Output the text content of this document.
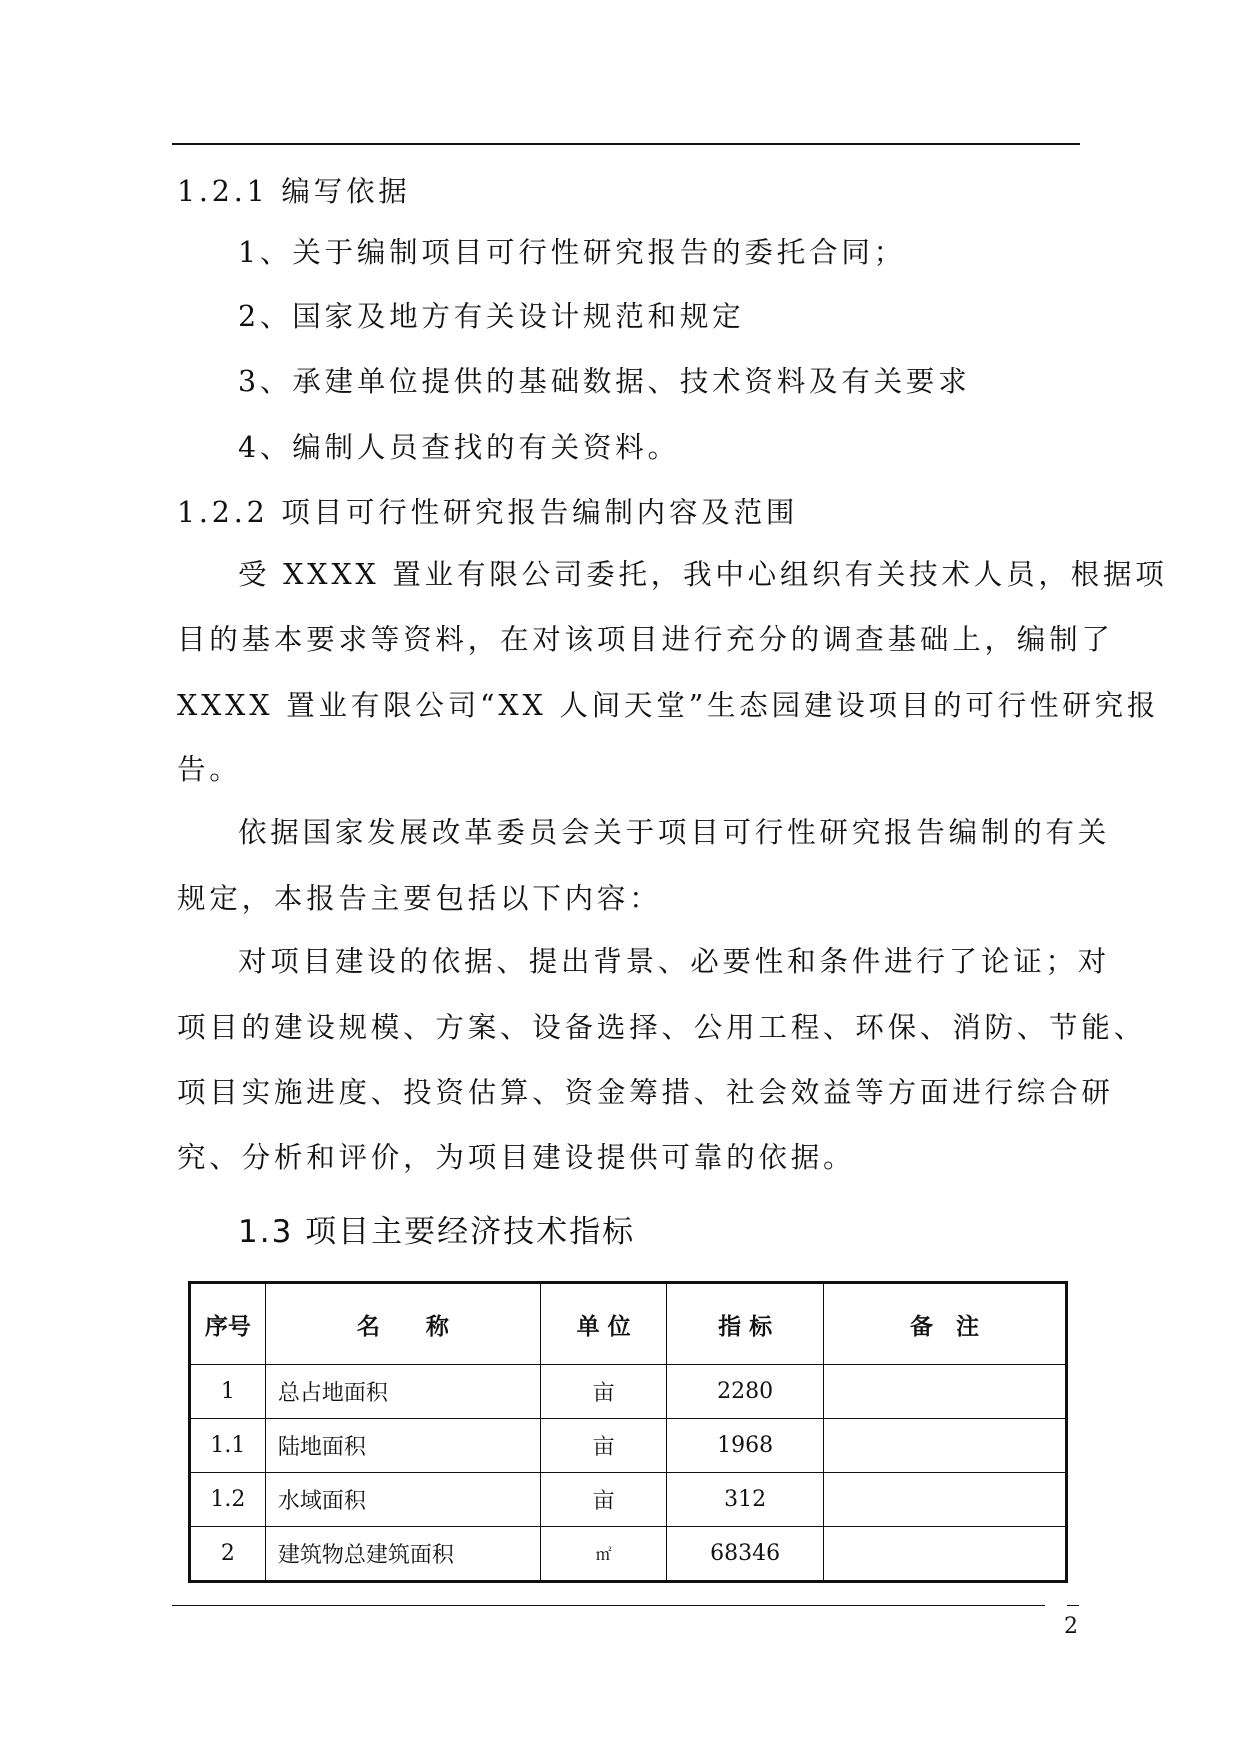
1.2.1 编写依据
1、关于编制项目可行性研究报告的委托合同；
2、国家及地方有关设计规范和规定
3、承建单位提供的基础数据、技术资料及有关要求
4、编制人员查找的有关资料。
1.2.2 项目可行性研究报告编制内容及范围
受 XXXX 置业有限公司委托，我中心组织有关技术人员，根据项
目的基本要求等资料，在对该项目进行充分的调查基础上，编制了
XXXX 置业有限公司“XX 人间天堂”生态园建设项目的可行性研究报
告。
依据国家发展改革委员会关于项目可行性研究报告编制的有关
规定，本报告主要包括以下内容：
对项目建设的依据、提出背景、必要性和条件进行了论证；对
项目的建设规模、方案、设备选择、公用工程、环保、消防、节能、
项目实施进度、投资估算、资金筹措、社会效益等方面进行综合研
究、分析和评价，为项目建设提供可靠的依据。
1.3 项目主要经济技术指标
序号	名　　称	单 位	指 标	备　注
1	总占地面积	亩	2280	
1.1	陆地面积	亩	1968	
1.2	水域面积	亩	312	
2	建筑物总建筑面积	㎡	68346	
2
